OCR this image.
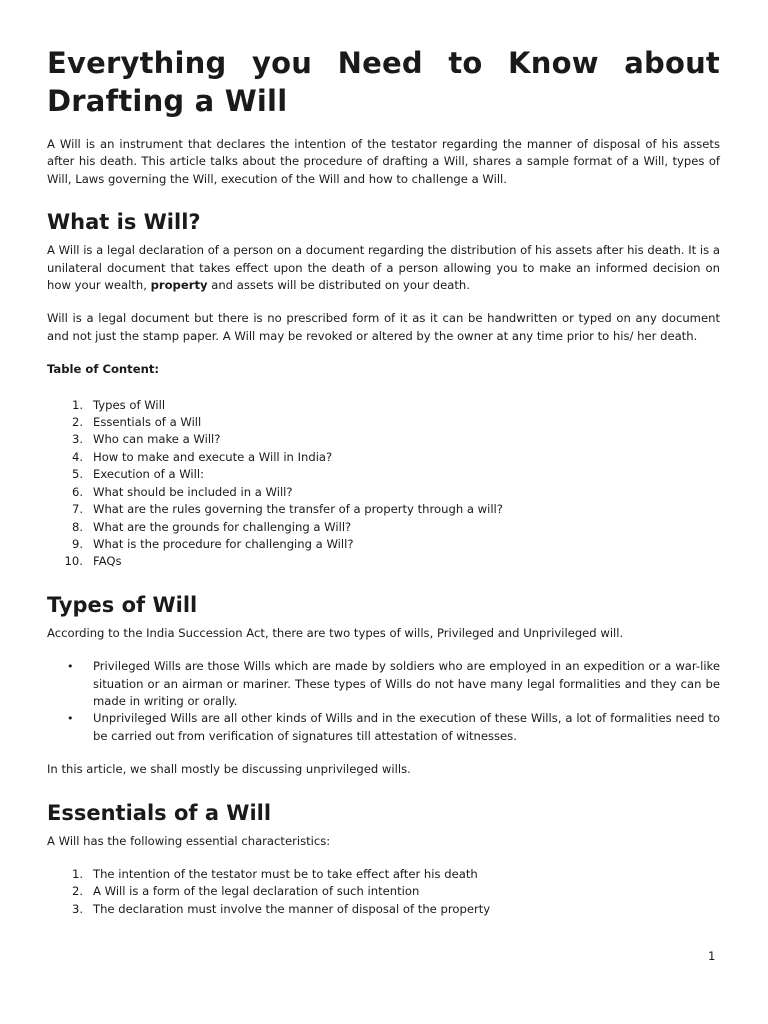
Everything you Need to Know about
Drafting a Will

A Will is an instrument that declares the intention of the testator regarding the manner of disposal of his assets after his death. This article talks about the procedure of drafting a Will, shares a sample format of a Will, types of Will, Laws governing the Will, execution of the Will and how to challenge a Will.

What is Will?

A Will is a legal declaration of a person on a document regarding the distribution of his assets after his death. It is a unilateral document that takes effect upon the death of a person allowing you to make an informed decision on how your wealth, property and assets will be distributed on your death.

Will is a legal document but there is no prescribed form of it as it can be handwritten or typed on any document and not just the stamp paper. A Will may be revoked or altered by the owner at any time prior to his/ her death.

Table of Content:

1. Types of Will
2. Essentials of a Will
3. Who can make a Will?
4. How to make and execute a Will in India?
5. Execution of a Will:
6. What should be included in a Will?
7. What are the rules governing the transfer of a property through a will?
8. What are the grounds for challenging a Will?
9. What is the procedure for challenging a Will?
10. FAQs
Types of Will

According to the India Succession Act, there are two types of wills, Privileged and Unprivileged will.

• Privileged Wills are those Wills which are made by soldiers who are employed in an expedition or a war-like situation or an airman or mariner. These types of Wills do not have many legal formalities and they can be made in writing or orally.
• Unprivileged Wills are all other kinds of Wills and in the execution of these Wills, a lot of formalities need to be carried out from verification of signatures till attestation of witnesses.

In this article, we shall mostly be discussing unprivileged wills.

Essentials of a Will

A Will has the following essential characteristics:

1. The intention of the testator must be to take effect after his death
2. A Will is a form of the legal declaration of such intention
3. The declaration must involve the manner of disposal of the property
1
